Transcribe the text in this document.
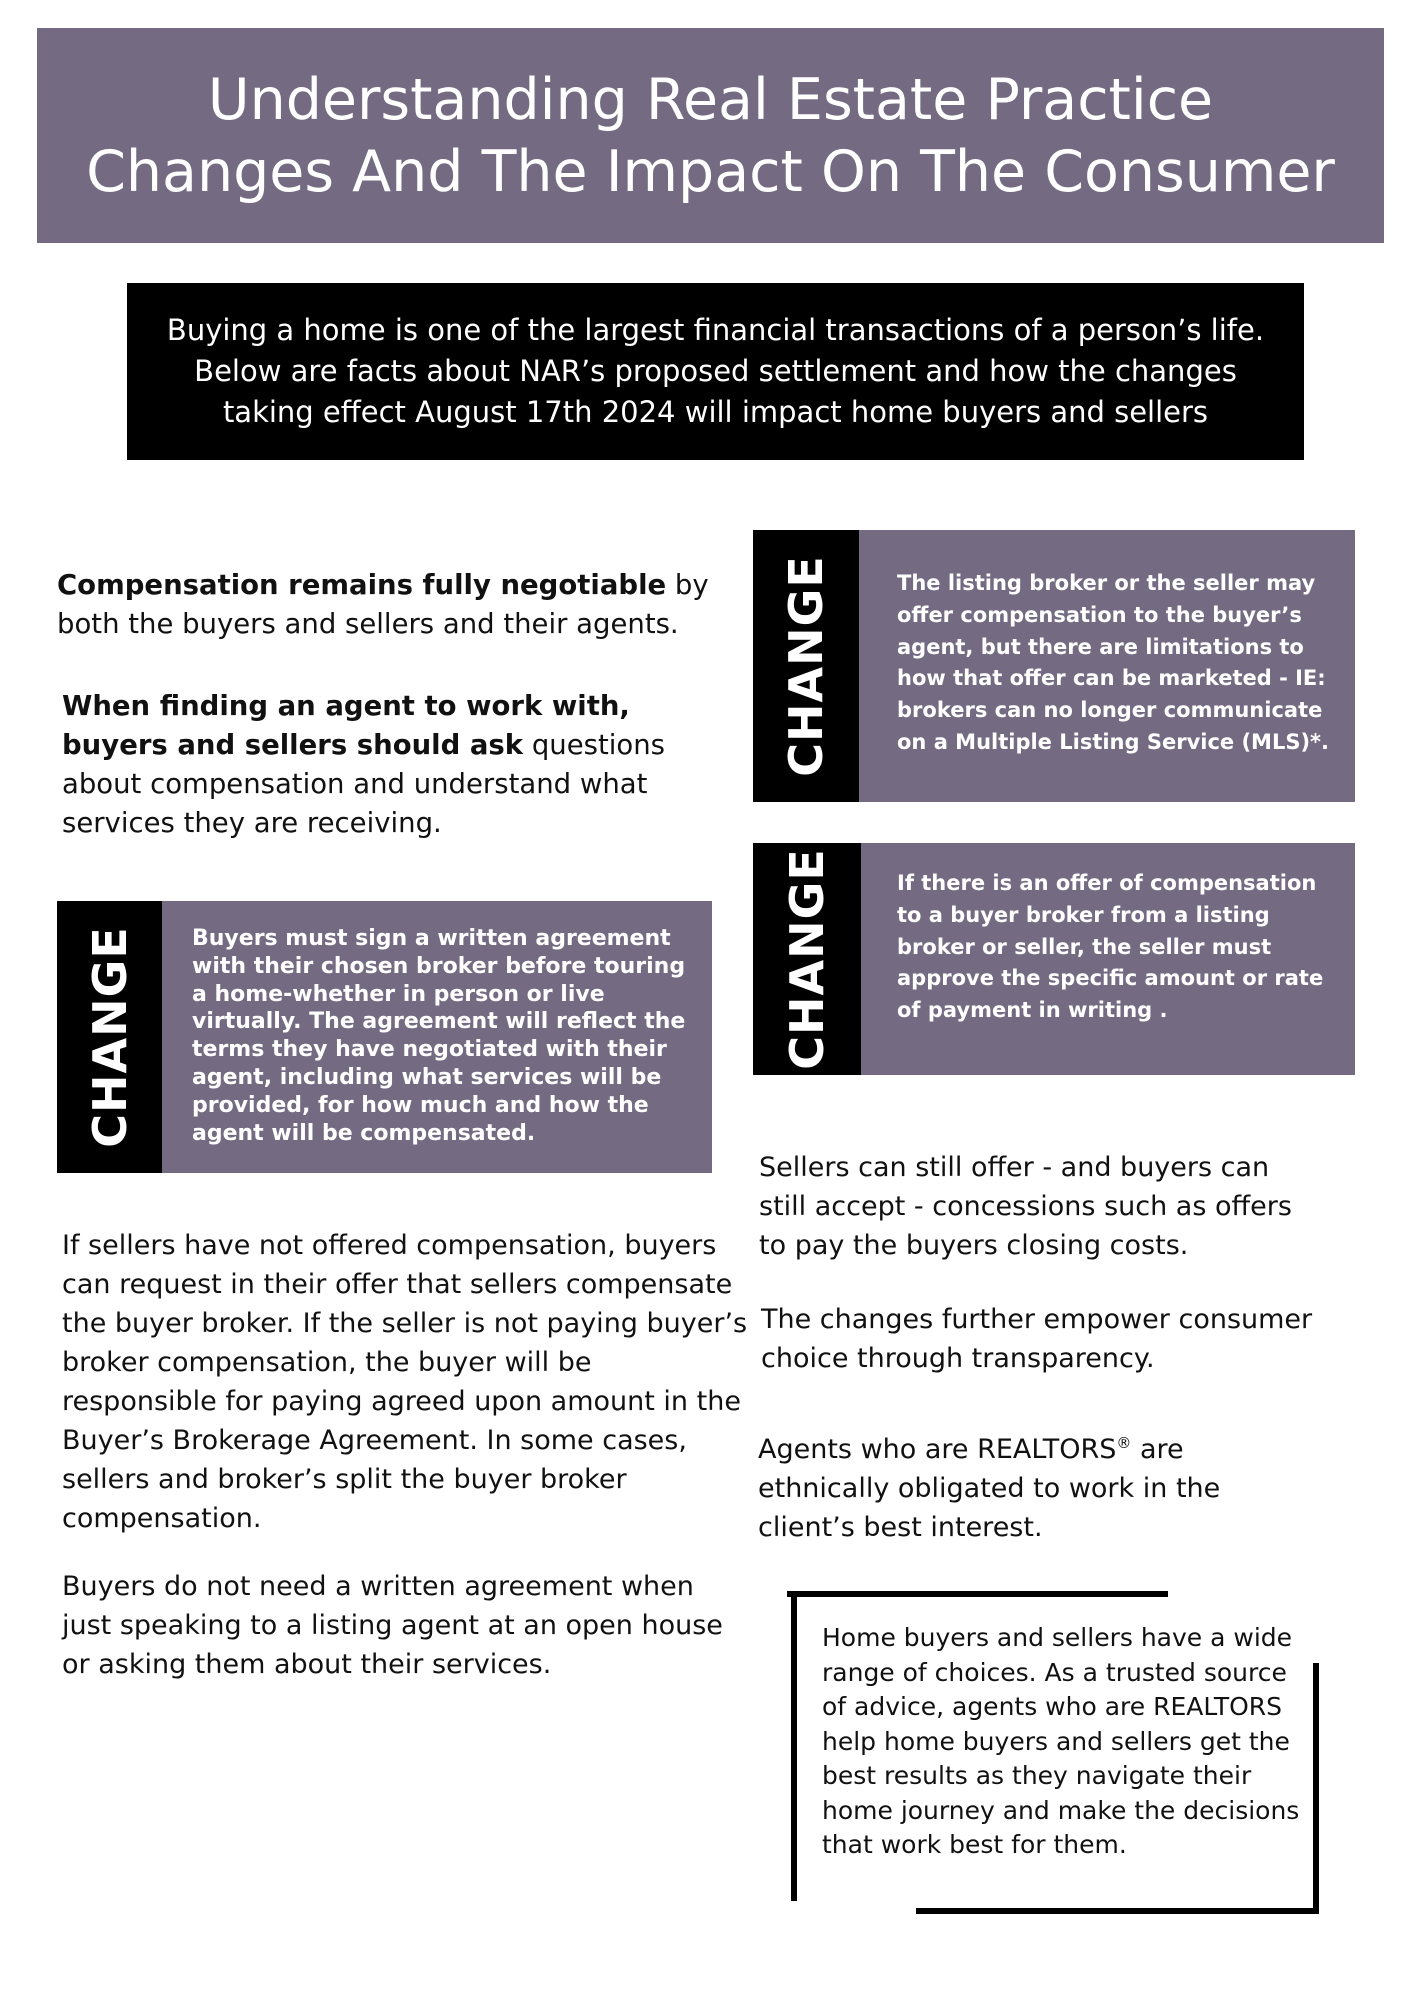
Understanding Real Estate Practice
Changes And The Impact On The Consumer
Buying a home is one of the largest financial transactions of a person’s life.
Below are facts about NAR’s proposed settlement and how the changes
taking effect August 17th 2024 will impact home buyers and sellers
Compensation remains fully negotiable by
both the buyers and sellers and their agents.
When finding an agent to work with,
buyers and sellers should ask questions
about compensation and understand what
services they are receiving.
CHANGE	Buyers must sign a written agreement
with their chosen broker before touring
a home-whether in person or live
virtually. The agreement will reflect the
terms they have negotiated with their
agent, including what services will be
provided, for how much and how the
agent will be compensated.
If sellers have not offered compensation, buyers
can request in their offer that sellers compensate
the buyer broker. If the seller is not paying buyer’s
broker compensation, the buyer will be
responsible for paying agreed upon amount in the
Buyer’s Brokerage Agreement. In some cases,
sellers and broker’s split the buyer broker
compensation.
Buyers do not need a written agreement when
just speaking to a listing agent at an open house
or asking them about their services.
CHANGE	The listing broker or the seller may
offer compensation to the buyer’s
agent, but there are limitations to
how that offer can be marketed - IE:
brokers can no longer communicate
on a Multiple Listing Service (MLS)*.
CHANGE	If there is an offer of compensation
to a buyer broker from a listing
broker or seller, the seller must
approve the specific amount or rate
of payment in writing .
Sellers can still offer - and buyers can
still accept - concessions such as offers
to pay the buyers closing costs.
The changes further empower consumer
choice through transparency.
Agents who are REALTORS® are
ethnically obligated to work in the
client’s best interest.
Home buyers and sellers have a wide
range of choices. As a trusted source
of advice, agents who are REALTORS
help home buyers and sellers get the
best results as they navigate their
home journey and make the decisions
that work best for them.
